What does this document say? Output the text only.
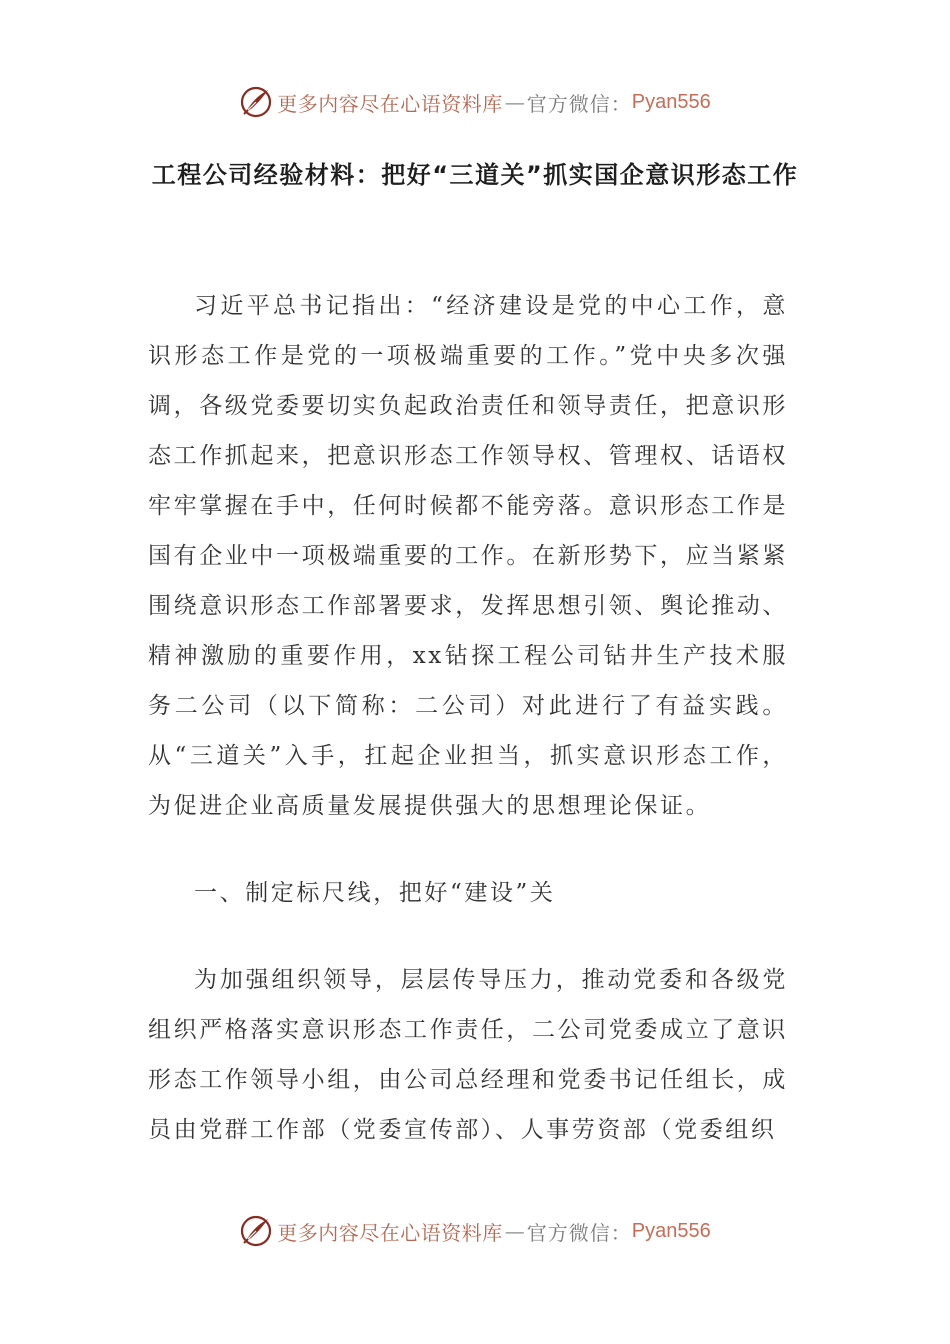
更多内容尽在心语资料库 — 官方微信： Pyan556
工程公司经验材料：把好“三道关”抓实国企意识形态工作

习近平总书记指出：“经济建设是党的中心工作，意识形态工作是党的一项极端重要的工作。”党中央多次强调，各级党委要切实负起政治责任和领导责任，把意识形态工作抓起来，把意识形态工作领导权、管理权、话语权牢牢掌握在手中，任何时候都不能旁落。意识形态工作是国有企业中一项极端重要的工作。在新形势下，应当紧紧围绕意识形态工作部署要求，发挥思想引领、舆论推动、精神激励的重要作用，xx钻探工程公司钻井生产技术服务二公司（以下简称：二公司）对此进行了有益实践。从“三道关”入手，扛起企业担当，抓实意识形态工作，为促进企业高质量发展提供强大的思想理论保证。

一、制定标尺线，把好“建设”关

为加强组织领导，层层传导压力，推动党委和各级党组织严格落实意识形态工作责任，二公司党委成立了意识形态工作领导小组，由公司总经理和党委书记任组长，成员由党群工作部（党委宣传部）、人事劳资部（党委组织

更多内容尽在心语资料库 — 官方微信： Pyan556
